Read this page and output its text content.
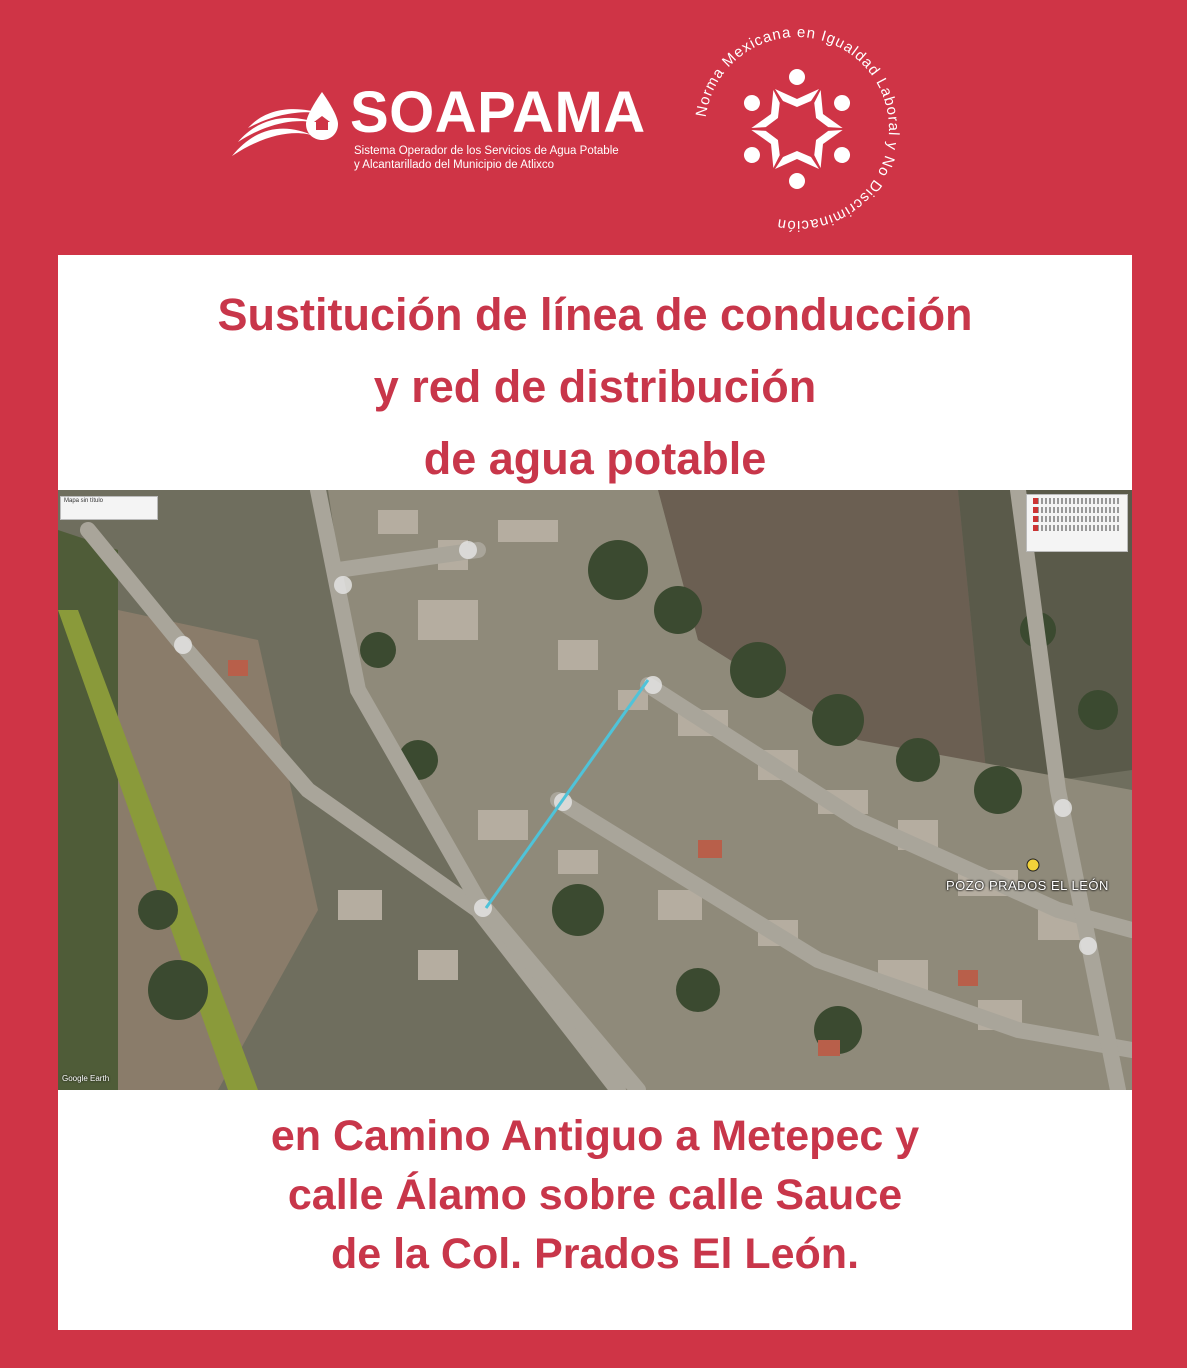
SOAPAMA
Sistema Operador de los Servicios de Agua Potable
y Alcantarillado del Municipio de Atlixco
Norma Mexicana en Igualdad Laboral y No Discriminación
Sustitución de línea de conducción
y red de distribución
de agua potable
Mapa sin título
POZO PRADOS EL LEÓN
Google Earth

en Camino Antiguo a Metepec y
calle Álamo sobre calle Sauce
de la Col. Prados El León.
